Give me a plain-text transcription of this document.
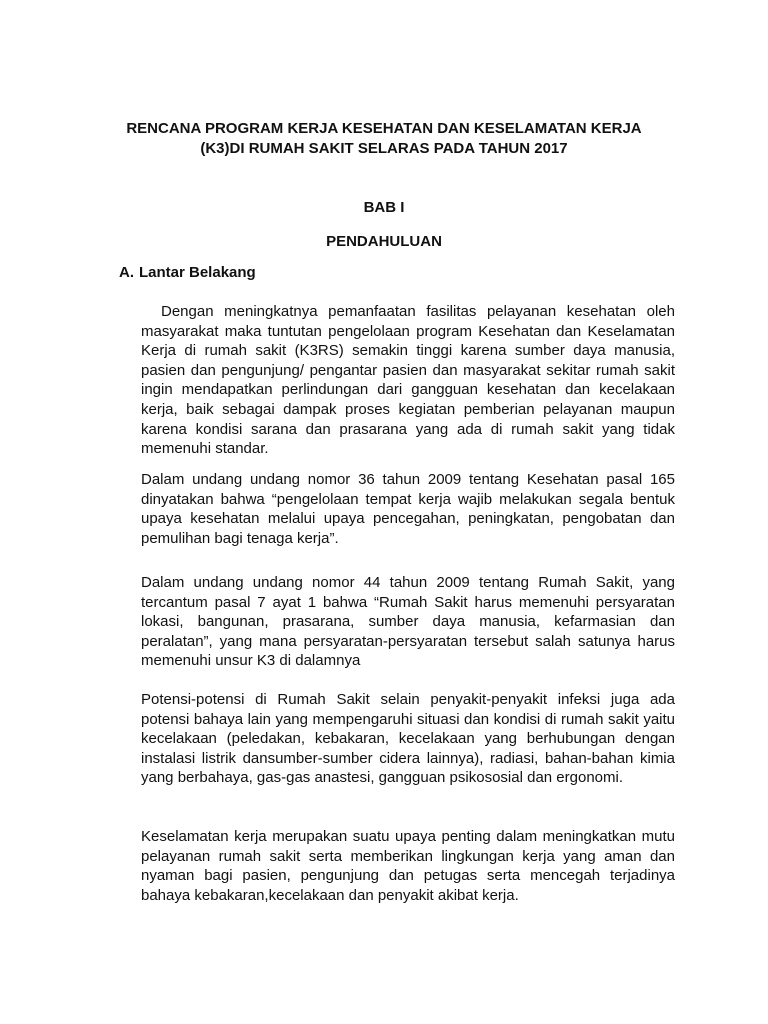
RENCANA PROGRAM KERJA KESEHATAN DAN KESELAMATAN KERJA
(K3)DI RUMAH SAKIT SELARAS PADA TAHUN 2017
BAB I
PENDAHULUAN
A. Lantar Belakang

Dengan meningkatnya pemanfaatan fasilitas pelayanan kesehatan oleh masyarakat maka tuntutan pengelolaan program Kesehatan dan Keselamatan Kerja di rumah sakit (K3RS) semakin tinggi karena sumber daya manusia, pasien dan pengunjung/ pengantar pasien dan masyarakat sekitar rumah sakit ingin mendapatkan perlindungan dari gangguan kesehatan dan kecelakaan kerja, baik sebagai dampak proses kegiatan pemberian pelayanan maupun karena kondisi sarana dan prasarana yang ada di rumah sakit yang tidak memenuhi standar.

Dalam undang undang nomor 36 tahun 2009 tentang Kesehatan pasal 165 dinyatakan bahwa “pengelolaan tempat kerja wajib melakukan segala bentuk upaya kesehatan melalui upaya pencegahan, peningkatan, pengobatan dan pemulihan bagi tenaga kerja”.

Dalam undang undang nomor 44 tahun 2009 tentang Rumah Sakit, yang tercantum pasal 7 ayat 1 bahwa “Rumah Sakit harus memenuhi persyaratan lokasi, bangunan, prasarana, sumber daya manusia, kefarmasian dan peralatan”, yang mana persyaratan-persyaratan tersebut salah satunya harus memenuhi unsur K3 di dalamnya

Potensi-potensi di Rumah Sakit selain penyakit-penyakit infeksi juga ada potensi bahaya lain yang mempengaruhi situasi dan kondisi di rumah sakit yaitu kecelakaan (peledakan, kebakaran, kecelakaan yang berhubungan dengan instalasi listrik dansumber-sumber cidera lainnya), radiasi, bahan-bahan kimia yang berbahaya, gas-gas anastesi, gangguan psikososial dan ergonomi.

Keselamatan kerja merupakan suatu upaya penting dalam meningkatkan mutu pelayanan rumah sakit serta memberikan lingkungan kerja yang aman dan nyaman bagi pasien, pengunjung dan petugas serta mencegah terjadinya bahaya kebakaran,kecelakaan dan penyakit akibat kerja.
